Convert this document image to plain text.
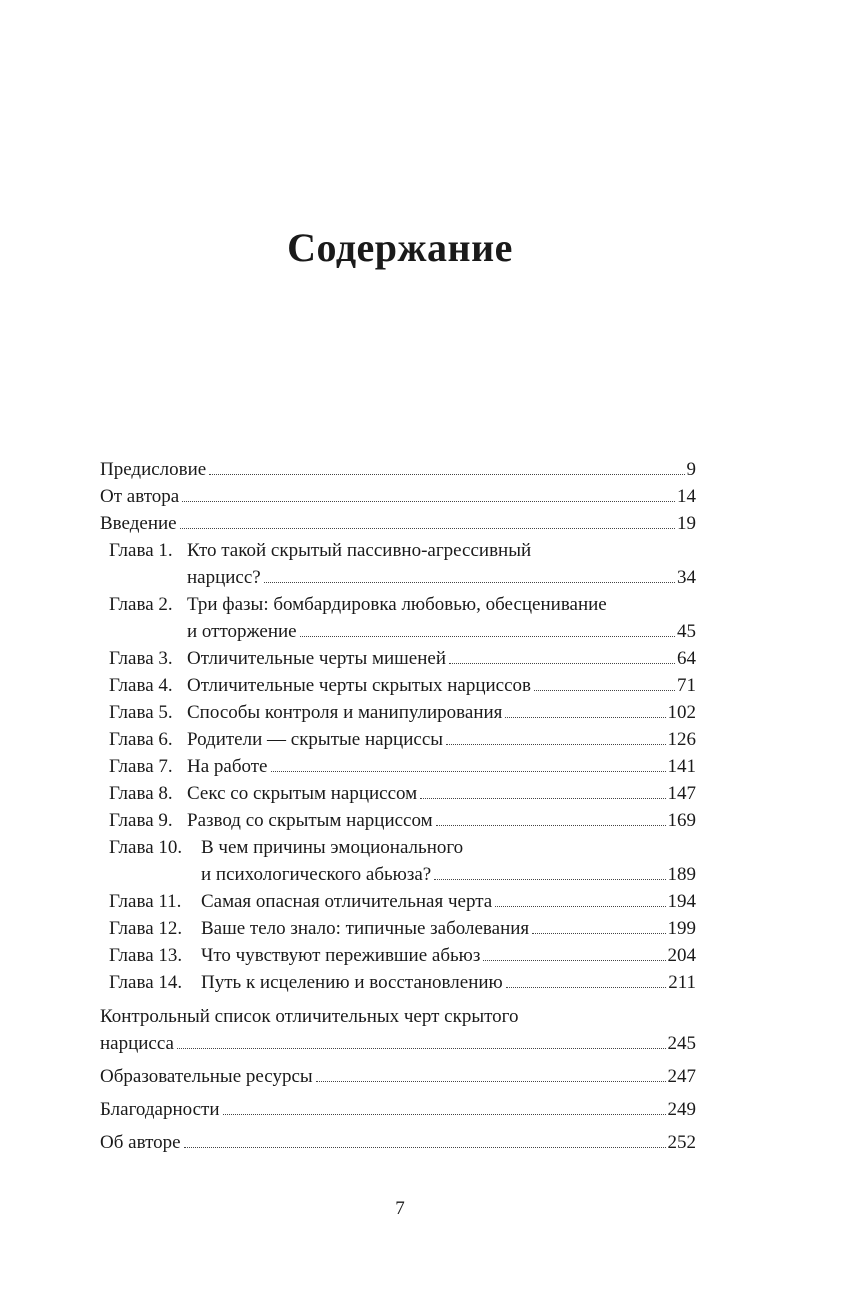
Содержание
Предисловие	9
От автора	14
Введение	19
Глава 1. Кто такой скрытый пассивно-агрессивный
нарцисс?	34
Глава 2. Три фазы: бомбардировка любовью, обесценивание
и отторжение	45
Глава 3. Отличительные черты мишеней	64
Глава 4. Отличительные черты скрытых нарциссов	71
Глава 5. Способы контроля и манипулирования	102
Глава 6. Родители — скрытые нарциссы	126
Глава 7. На работе	141
Глава 8. Секс со скрытым нарциссом	147
Глава 9. Развод со скрытым нарциссом	169
Глава 10. В чем причины эмоционального
и психологического абьюза?	189
Глава 11. Самая опасная отличительная черта	194
Глава 12. Ваше тело знало: типичные заболевания	199
Глава 13. Что чувствуют пережившие абьюз	204
Глава 14. Путь к исцелению и восстановлению	211
Контрольный список отличительных черт скрытого
нарцисса	245
Образовательные ресурсы	247
Благодарности	249
Об авторе	252
7
